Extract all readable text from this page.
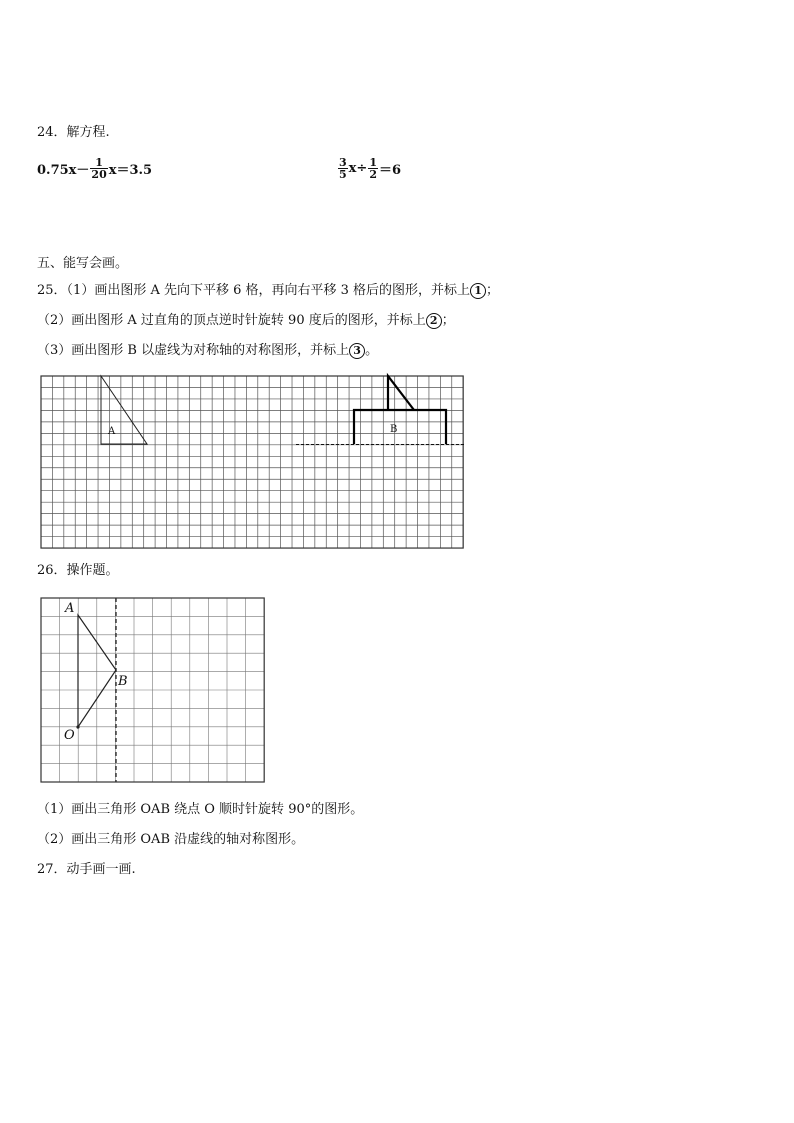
24．解方程.
$0.75x- \frac{1}{20} x=3.5$	$\frac{3}{5} x\div \frac{1}{2} =6$
五、能写会画。
25．（1）画出图形 A 先向下平移 6 格，再向右平移 3 格后的图形，并标上 1 ；
（2）画出图形 A 过直角的顶点逆时针旋转 90 度后的图形，并标上 2 ；
（3）画出图形 B 以虚线为对称轴的对称图形，并标上 3 。
A	B
26．操作题。
A
B
O
（1）画出三角形 OAB 绕点 O 顺时针旋转 90°的图形。
（2）画出三角形 OAB 沿虚线的轴对称图形。
27．动手画一画.
